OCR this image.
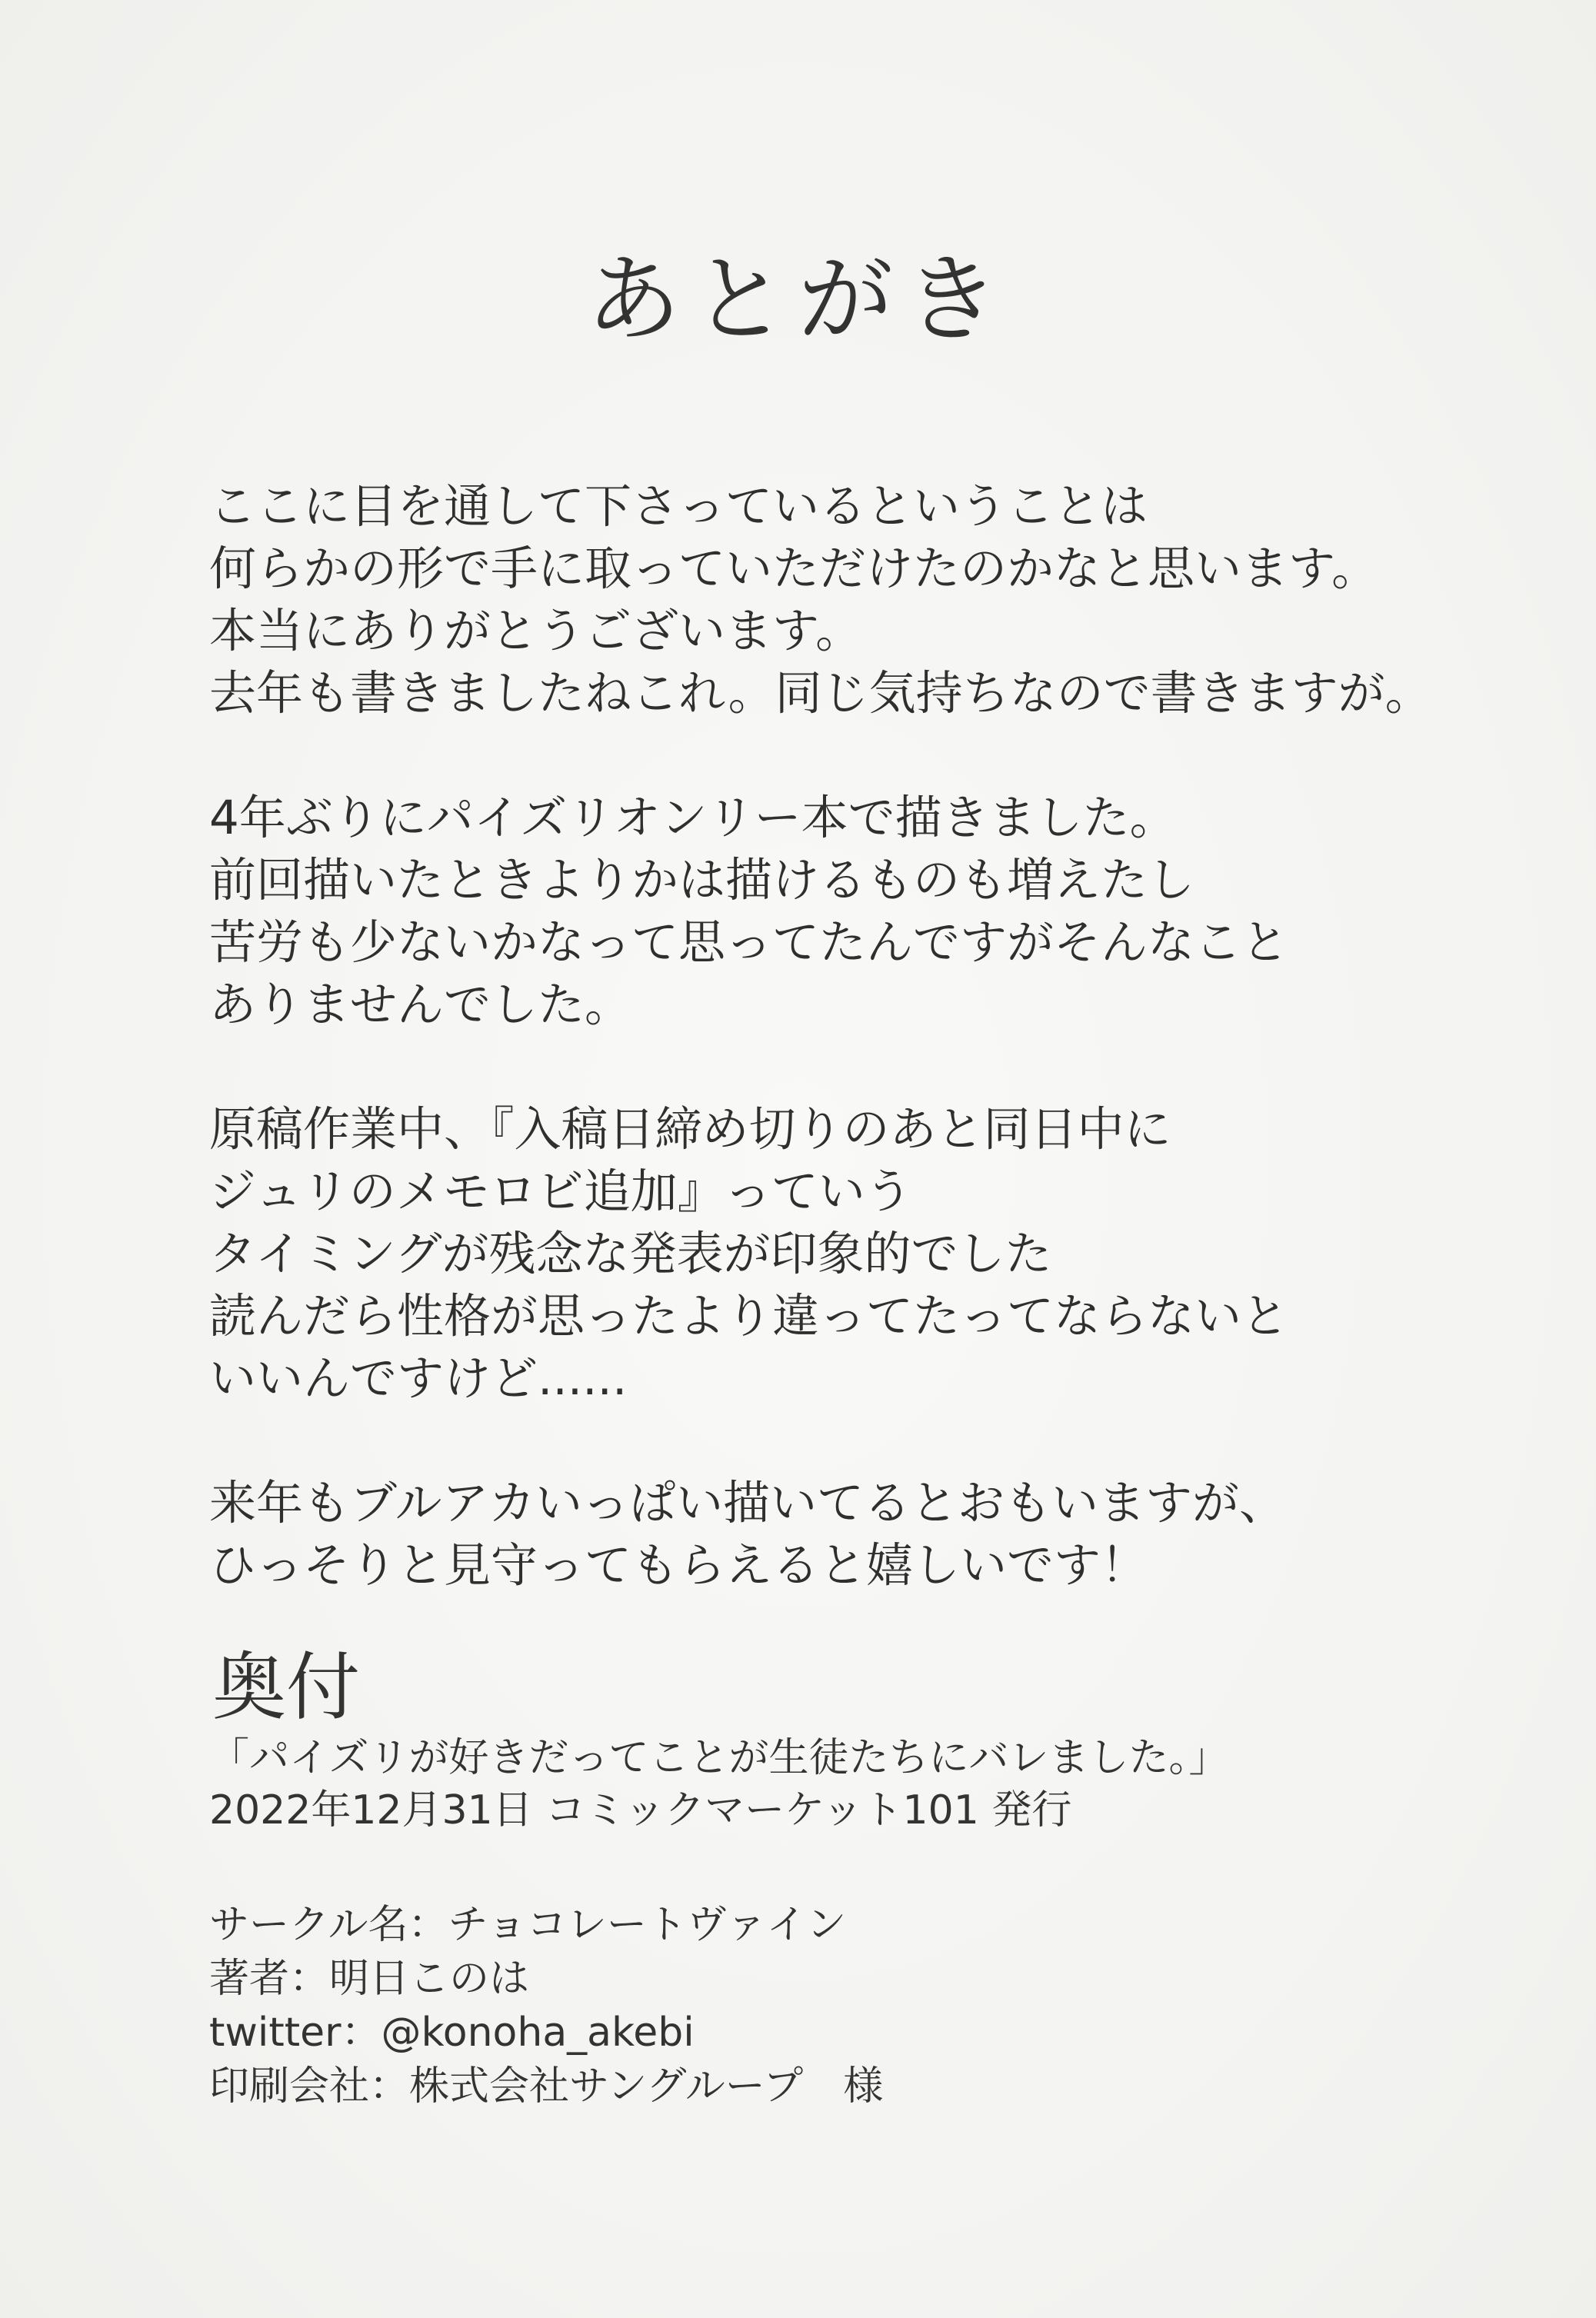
あとがき
ここに目を通して下さっているということは
何らかの形で手に取っていただけたのかなと思います。
本当にありがとうございます。
去年も書きましたねこれ。同じ気持ちなので書きますが。
4年ぶりにパイズリオンリー本で描きました。
前回描いたときよりかは描けるものも増えたし
苦労も少ないかなって思ってたんですがそんなこと
ありませんでした。
原稿作業中、『入稿日締め切りのあと同日中に
ジュリのメモロビ追加』っていう
タイミングが残念な発表が印象的でした
読んだら性格が思ったより違ってたってならないと
いいんですけど......
来年もブルアカいっぱい描いてるとおもいますが、
ひっそりと見守ってもらえると嬉しいです！
奥付
「パイズリが好きだってことが生徒たちにバレました。」
2022年12月31日 コミックマーケット101 発行
サークル名：チョコレートヴァイン
著者：明日このは
twitter：@konoha_akebi
印刷会社：株式会社サングループ　様
